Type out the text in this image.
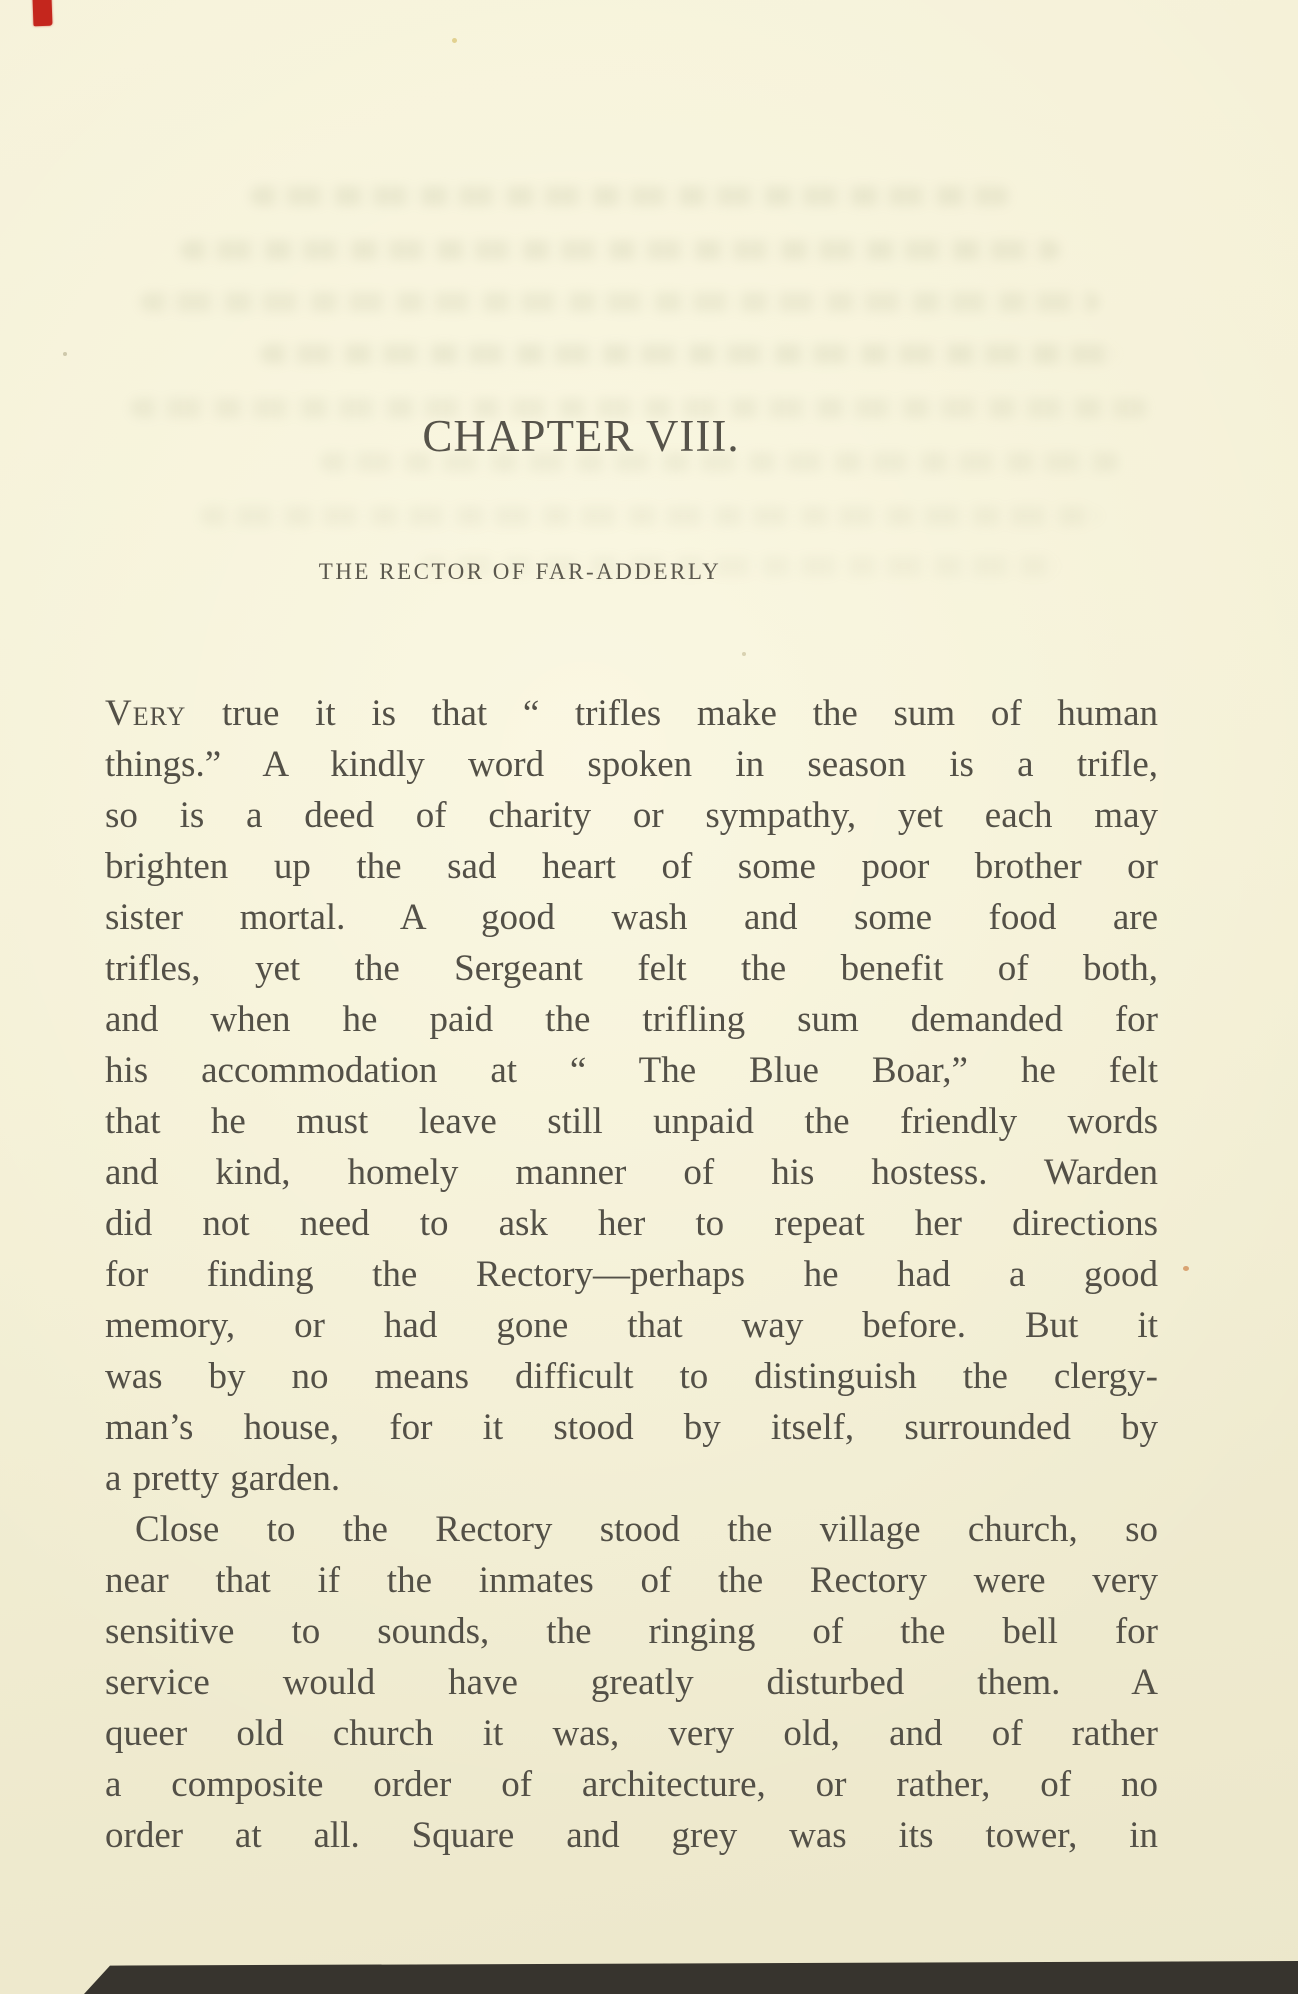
CHAPTER VIII.
THE RECTOR OF FAR-ADDERLY
Very true it is that “ trifles make the sum of human
things.” A kindly word spoken in season is a trifle,
so is a deed of charity or sympathy, yet each may
brighten up the sad heart of some poor brother or
sister mortal. A good wash and some food are
trifles, yet the Sergeant felt the benefit of both,
and when he paid the trifling sum demanded for
his accommodation at “ The Blue Boar,” he felt
that he must leave still unpaid the friendly words
and kind, homely manner of his hostess. Warden
did not need to ask her to repeat her directions
for finding the Rectory—perhaps he had a good
memory, or had gone that way before. But it
was by no means difficult to distinguish the clergy-
man’s house, for it stood by itself, surrounded by
a pretty garden.
Close to the Rectory stood the village church, so
near that if the inmates of the Rectory were very
sensitive to sounds, the ringing of the bell for
service would have greatly disturbed them. A
queer old church it was, very old, and of rather
a composite order of architecture, or rather, of no
order at all. Square and grey was its tower, in
